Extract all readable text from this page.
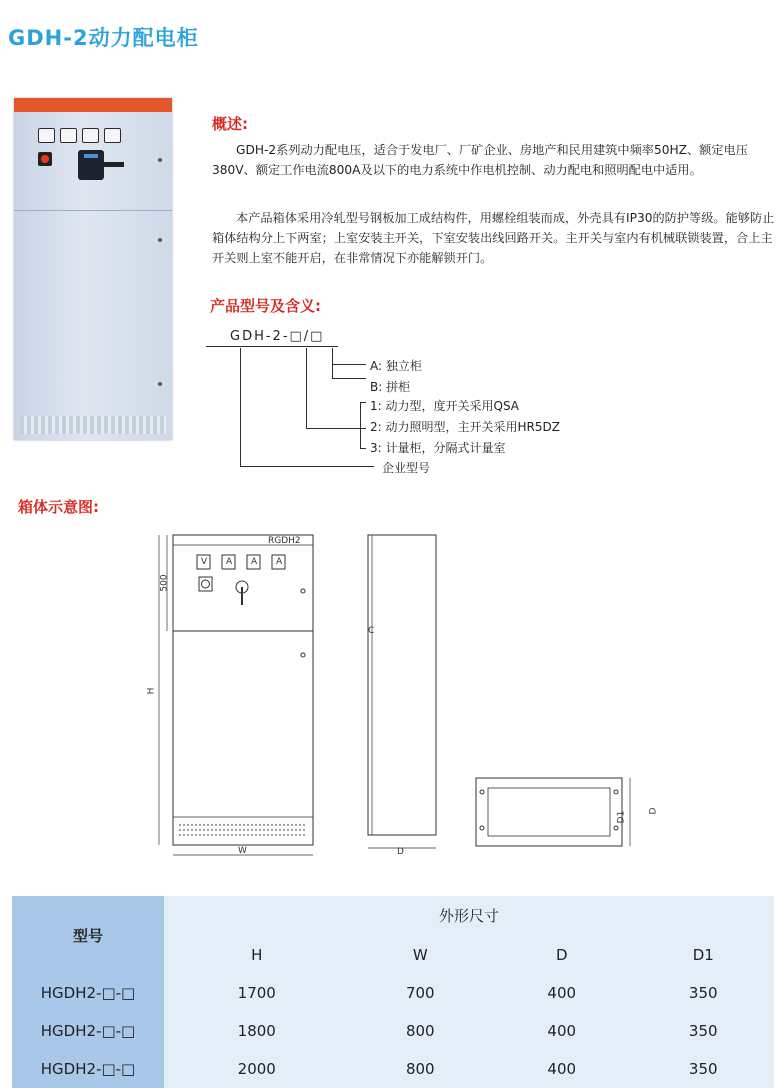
GDH-2动力配电柜
概述:
GDH-2系列动力配电压，适合于发电厂、厂矿企业、房地产和民用建筑中频率50HZ、额定电压380V、额定工作电流800A及以下的电力系统中作电机控制、动力配电和照明配电中适用。
本产品箱体采用冷轧型号钢板加工成结构件，用螺栓组装而成，外壳具有IP30的防护等级。能够防止箱体结构分上下两室；上室安装主开关，下室安装出线回路开关。主开关与室内有机械联锁装置，合上主开关则上室不能开启，在非常情况下亦能解锁开门。
产品型号及含义:
GDH-2-□/□
A: 独立柜
B: 拼柜
1: 动力型，度开关采用QSA
2: 动力照明型，主开关采用HR5DZ
3: 计量柜，分隔式计量室
企业型号
箱体示意图:
RGDH2
V A A A
500
H
W
C
D
D1 D
型号	外形尺寸			
	H	W	D	D1
HGDH2-□-□	1700	700	400	350
HGDH2-□-□	1800	800	400	350
HGDH2-□-□	2000	800	400	350
